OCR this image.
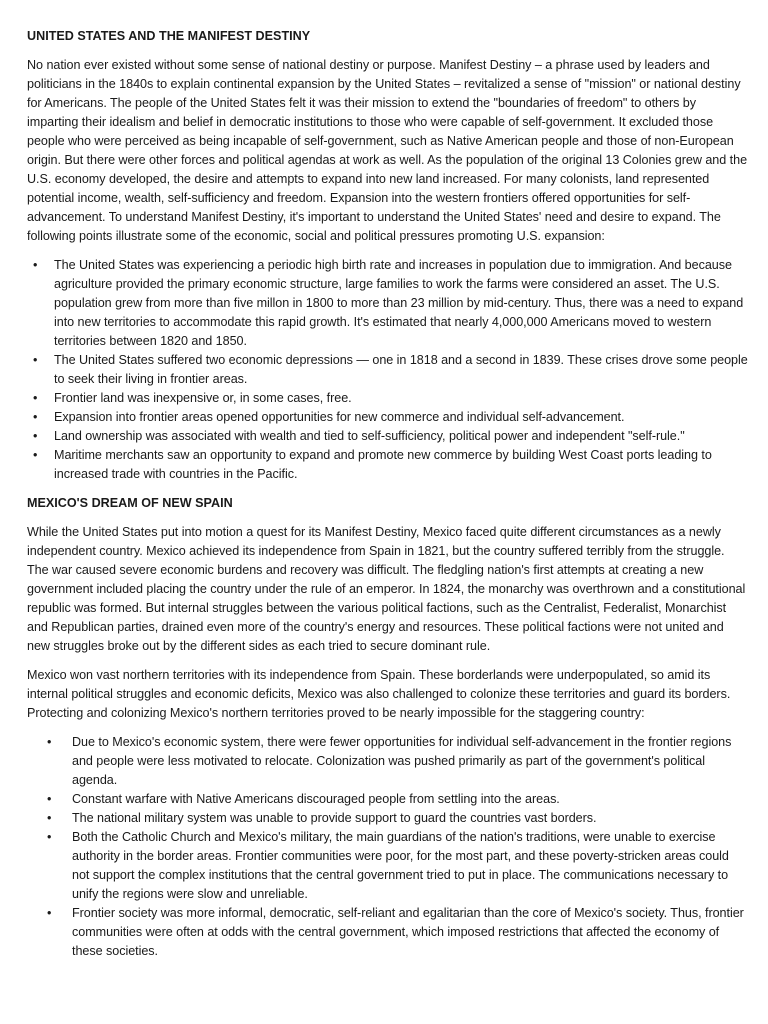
UNITED STATES AND THE MANIFEST DESTINY
No nation ever existed without some sense of national destiny or purpose. Manifest Destiny – a phrase used by leaders and politicians in the 1840s to explain continental expansion by the United States – revitalized a sense of "mission" or national destiny for Americans. The people of the United States felt it was their mission to extend the "boundaries of freedom" to others by imparting their idealism and belief in democratic institutions to those who were capable of self-government. It excluded those people who were perceived as being incapable of self-government, such as Native American people and those of non-European origin. But there were other forces and political agendas at work as well. As the population of the original 13 Colonies grew and the U.S. economy developed, the desire and attempts to expand into new land increased. For many colonists, land represented potential income, wealth, self-sufficiency and freedom. Expansion into the western frontiers offered opportunities for self-advancement. To understand Manifest Destiny, it's important to understand the United States' need and desire to expand. The following points illustrate some of the economic, social and political pressures promoting U.S. expansion:
• The United States was experiencing a periodic high birth rate and increases in population due to immigration. And because agriculture provided the primary economic structure, large families to work the farms were considered an asset. The U.S. population grew from more than five millon in 1800 to more than 23 million by mid-century. Thus, there was a need to expand into new territories to accommodate this rapid growth. It's estimated that nearly 4,000,000 Americans moved to western territories between 1820 and 1850.
• The United States suffered two economic depressions — one in 1818 and a second in 1839. These crises drove some people to seek their living in frontier areas.
• Frontier land was inexpensive or, in some cases, free.
• Expansion into frontier areas opened opportunities for new commerce and individual self-advancement.
• Land ownership was associated with wealth and tied to self-sufficiency, political power and independent "self-rule."
• Maritime merchants saw an opportunity to expand and promote new commerce by building West Coast ports leading to increased trade with countries in the Pacific.
MEXICO'S DREAM OF NEW SPAIN
While the United States put into motion a quest for its Manifest Destiny, Mexico faced quite different circumstances as a newly independent country. Mexico achieved its independence from Spain in 1821, but the country suffered terribly from the struggle. The war caused severe economic burdens and recovery was difficult. The fledgling nation's first attempts at creating a new government included placing the country under the rule of an emperor. In 1824, the monarchy was overthrown and a constitutional republic was formed. But internal struggles between the various political factions, such as the Centralist, Federalist, Monarchist and Republican parties, drained even more of the country's energy and resources. These political factions were not united and new struggles broke out by the different sides as each tried to secure dominant rule.
Mexico won vast northern territories with its independence from Spain. These borderlands were underpopulated, so amid its internal political struggles and economic deficits, Mexico was also challenged to colonize these territories and guard its borders. Protecting and colonizing Mexico's northern territories proved to be nearly impossible for the staggering country:
• Due to Mexico's economic system, there were fewer opportunities for individual self-advancement in the frontier regions and people were less motivated to relocate. Colonization was pushed primarily as part of the government's political agenda.
• Constant warfare with Native Americans discouraged people from settling into the areas.
• The national military system was unable to provide support to guard the countries vast borders.
• Both the Catholic Church and Mexico's military, the main guardians of the nation's traditions, were unable to exercise authority in the border areas. Frontier communities were poor, for the most part, and these poverty-stricken areas could not support the complex institutions that the central government tried to put in place. The communications necessary to unify the regions were slow and unreliable.
• Frontier society was more informal, democratic, self-reliant and egalitarian than the core of Mexico's society. Thus, frontier communities were often at odds with the central government, which imposed restrictions that affected the economy of these societies.
